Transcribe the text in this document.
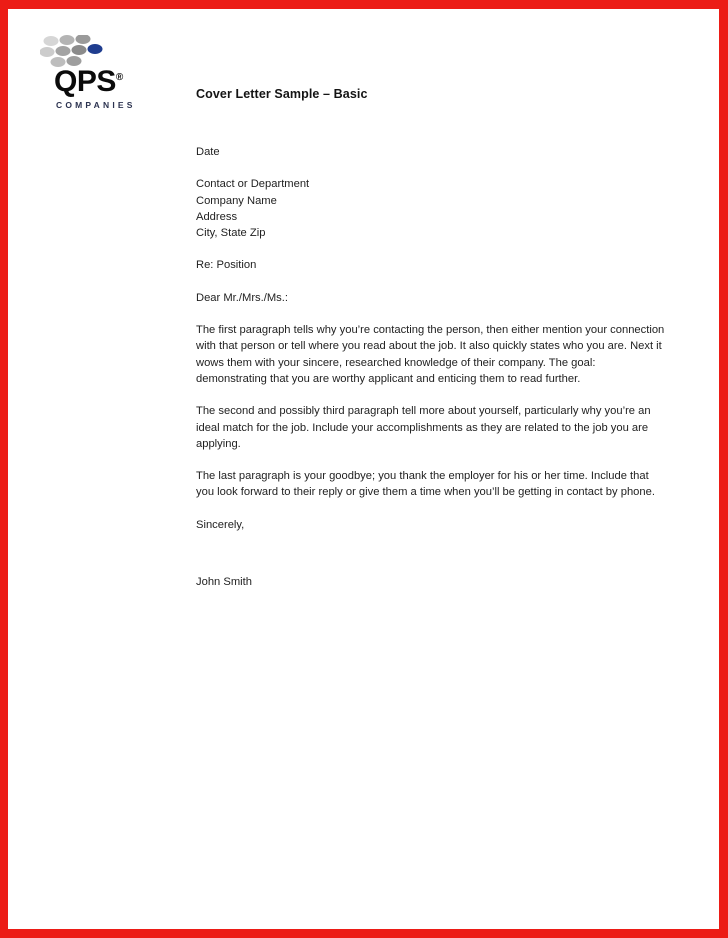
QPS®
COMPANIES
Cover Letter Sample – Basic

Date

Contact or Department

Company Name

Address

City, State Zip

Re: Position

Dear Mr./Mrs./Ms.:

The first paragraph tells why you’re contacting the person, then either mention your connection with that person or tell where you read about the job. It also quickly states who you are. Next it wows them with your sincere, researched knowledge of their company. The goal: demonstrating that you are worthy applicant and enticing them to read further.

The second and possibly third paragraph tell more about yourself, particularly why you’re an ideal match for the job. Include your accomplishments as they are related to the job you are applying.

The last paragraph is your goodbye; you thank the employer for his or her time. Include that you look forward to their reply or give them a time when you’ll be getting in contact by phone.

Sincerely,

John Smith
